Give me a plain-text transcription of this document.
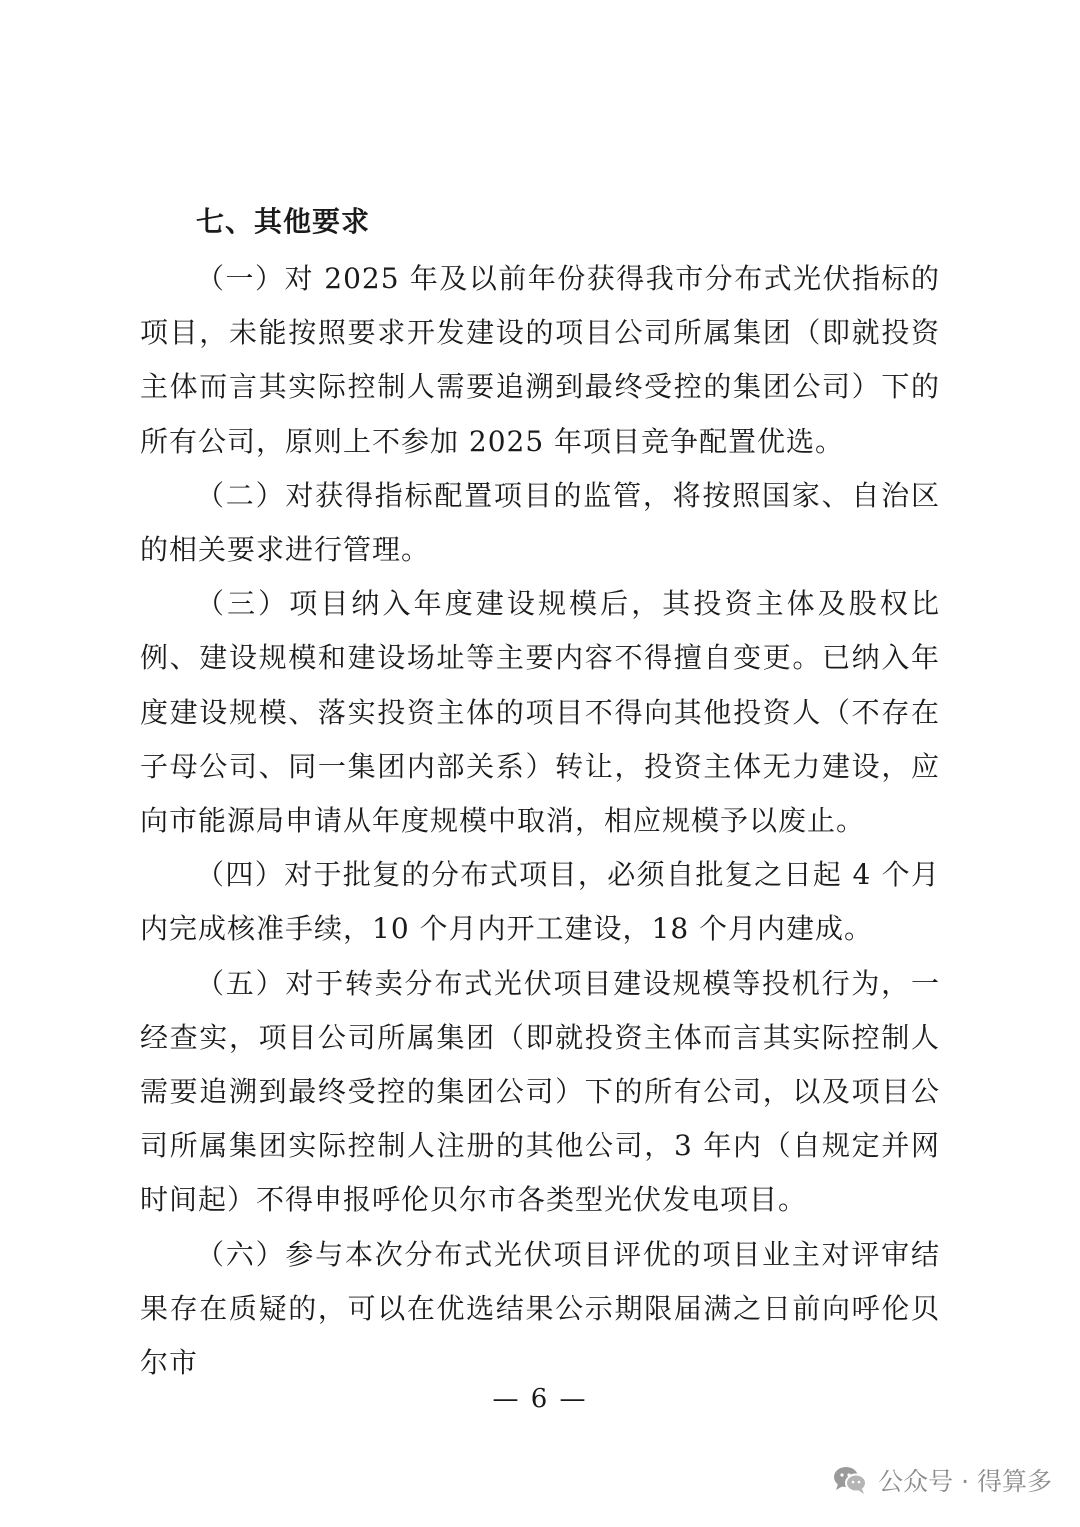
七、其他要求

（一）对 2025 年及以前年份获得我市分布式光伏指标的项目，未能按照要求开发建设的项目公司所属集团（即就投资主体而言其实际控制人需要追溯到最终受控的集团公司）下的所有公司，原则上不参加 2025 年项目竞争配置优选。

（二）对获得指标配置项目的监管，将按照国家、自治区的相关要求进行管理。

（三）项目纳入年度建设规模后，其投资主体及股权比例、建设规模和建设场址等主要内容不得擅自变更。已纳入年度建设规模、落实投资主体的项目不得向其他投资人（不存在子母公司、同一集团内部关系）转让，投资主体无力建设，应向市能源局申请从年度规模中取消，相应规模予以废止。

（四）对于批复的分布式项目，必须自批复之日起 4 个月内完成核准手续，10 个月内开工建设，18 个月内建成。

（五）对于转卖分布式光伏项目建设规模等投机行为，一经查实，项目公司所属集团（即就投资主体而言其实际控制人需要追溯到最终受控的集团公司）下的所有公司，以及项目公司所属集团实际控制人注册的其他公司，3 年内（自规定并网时间起）不得申报呼伦贝尔市各类型光伏发电项目。

（六）参与本次分布式光伏项目评优的项目业主对评审结果存在质疑的，可以在优选结果公示期限届满之日前向呼伦贝尔市

— 6 —
公众号 · 得算多
